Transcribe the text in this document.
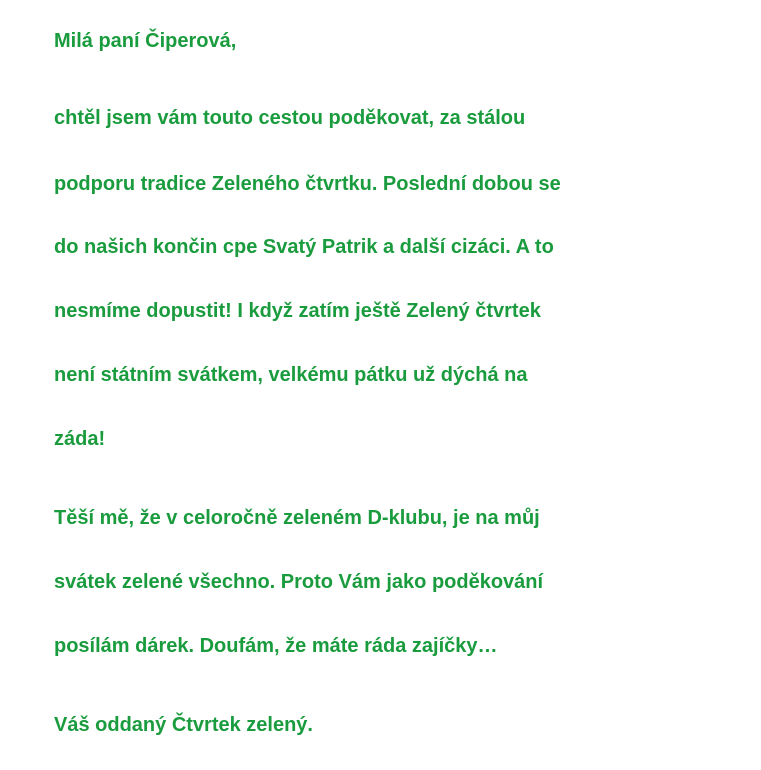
Milá paní Čiperová,
chtěl jsem vám touto cestou poděkovat, za stálou
podporu tradice Zeleného čtvrtku. Poslední dobou se
do našich končin cpe Svatý Patrik a další cizáci. A to
nesmíme dopustit! I když zatím ještě Zelený čtvrtek
není státním svátkem, velkému pátku už dýchá na
záda!
Těší mě, že v celoročně zeleném D-klubu, je na můj
svátek zelené všechno. Proto Vám jako poděkování
posílám dárek. Doufám, že máte ráda zajíčky…
Váš oddaný Čtvrtek zelený.
